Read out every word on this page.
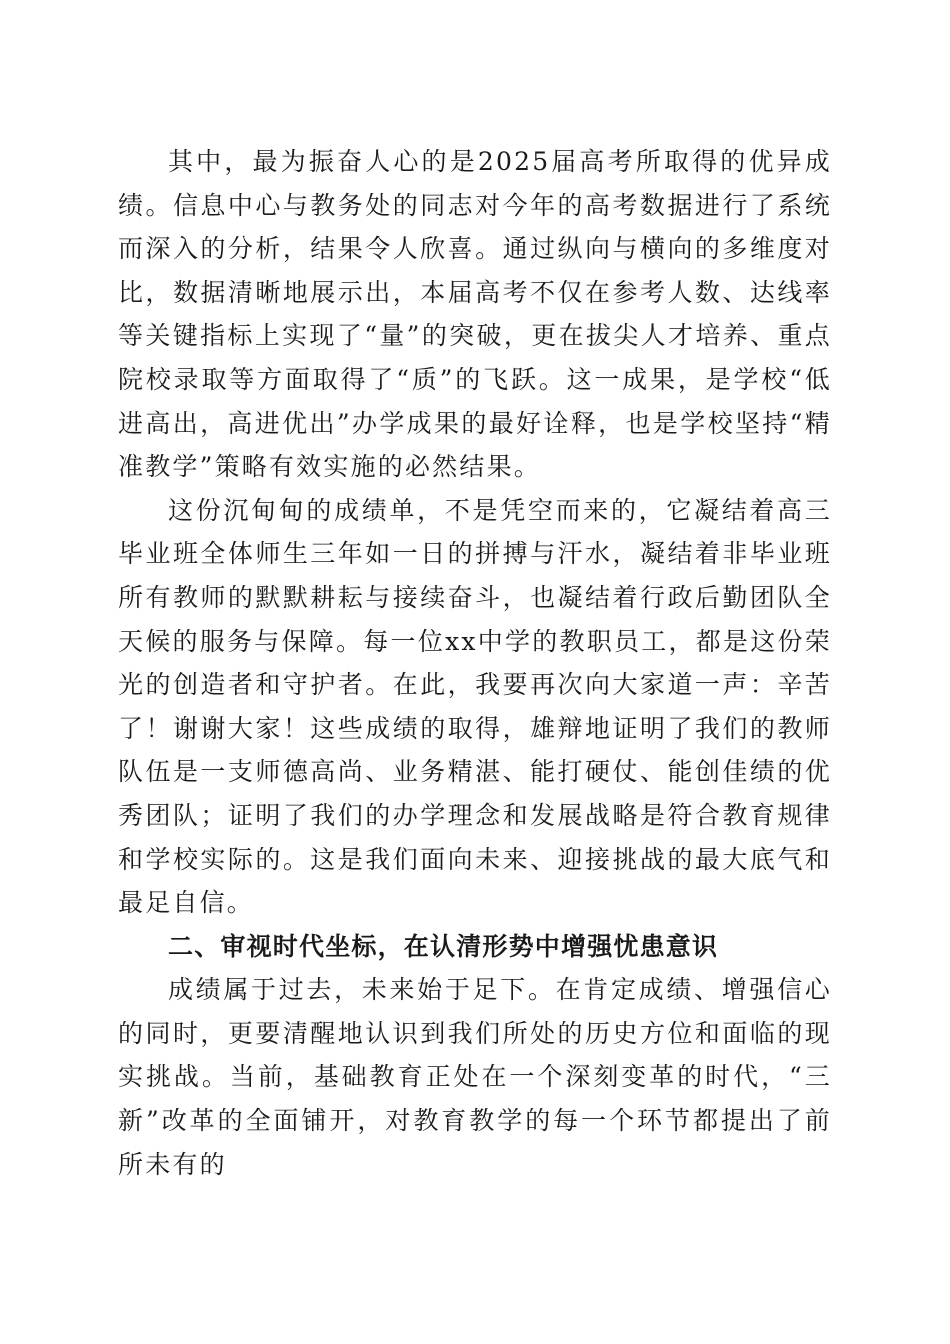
其中，最为振奋人心的是2025届高考所取得的优异成绩。信息中心与教务处的同志对今年的高考数据进行了系统而深入的分析，结果令人欣喜。通过纵向与横向的多维度对比，数据清晰地展示出，本届高考不仅在参考人数、达线率等关键指标上实现了“量”的突破，更在拔尖人才培养、重点院校录取等方面取得了“质”的飞跃。这一成果，是学校“低进高出，高进优出”办学成果的最好诠释，也是学校坚持“精准教学”策略有效实施的必然结果。

这份沉甸甸的成绩单，不是凭空而来的，它凝结着高三毕业班全体师生三年如一日的拼搏与汗水，凝结着非毕业班所有教师的默默耕耘与接续奋斗，也凝结着行政后勤团队全天候的服务与保障。每一位xx中学的教职员工，都是这份荣光的创造者和守护者。在此，我要再次向大家道一声：辛苦了！谢谢大家！这些成绩的取得，雄辩地证明了我们的教师队伍是一支师德高尚、业务精湛、能打硬仗、能创佳绩的优秀团队；证明了我们的办学理念和发展战略是符合教育规律和学校实际的。这是我们面向未来、迎接挑战的最大底气和最足自信。

二、审视时代坐标，在认清形势中增强忧患意识

成绩属于过去，未来始于足下。在肯定成绩、增强信心的同时，更要清醒地认识到我们所处的历史方位和面临的现实挑战。当前，基础教育正处在一个深刻变革的时代，“三新”改革的全面铺开，对教育教学的每一个环节都提出了前所未有的
